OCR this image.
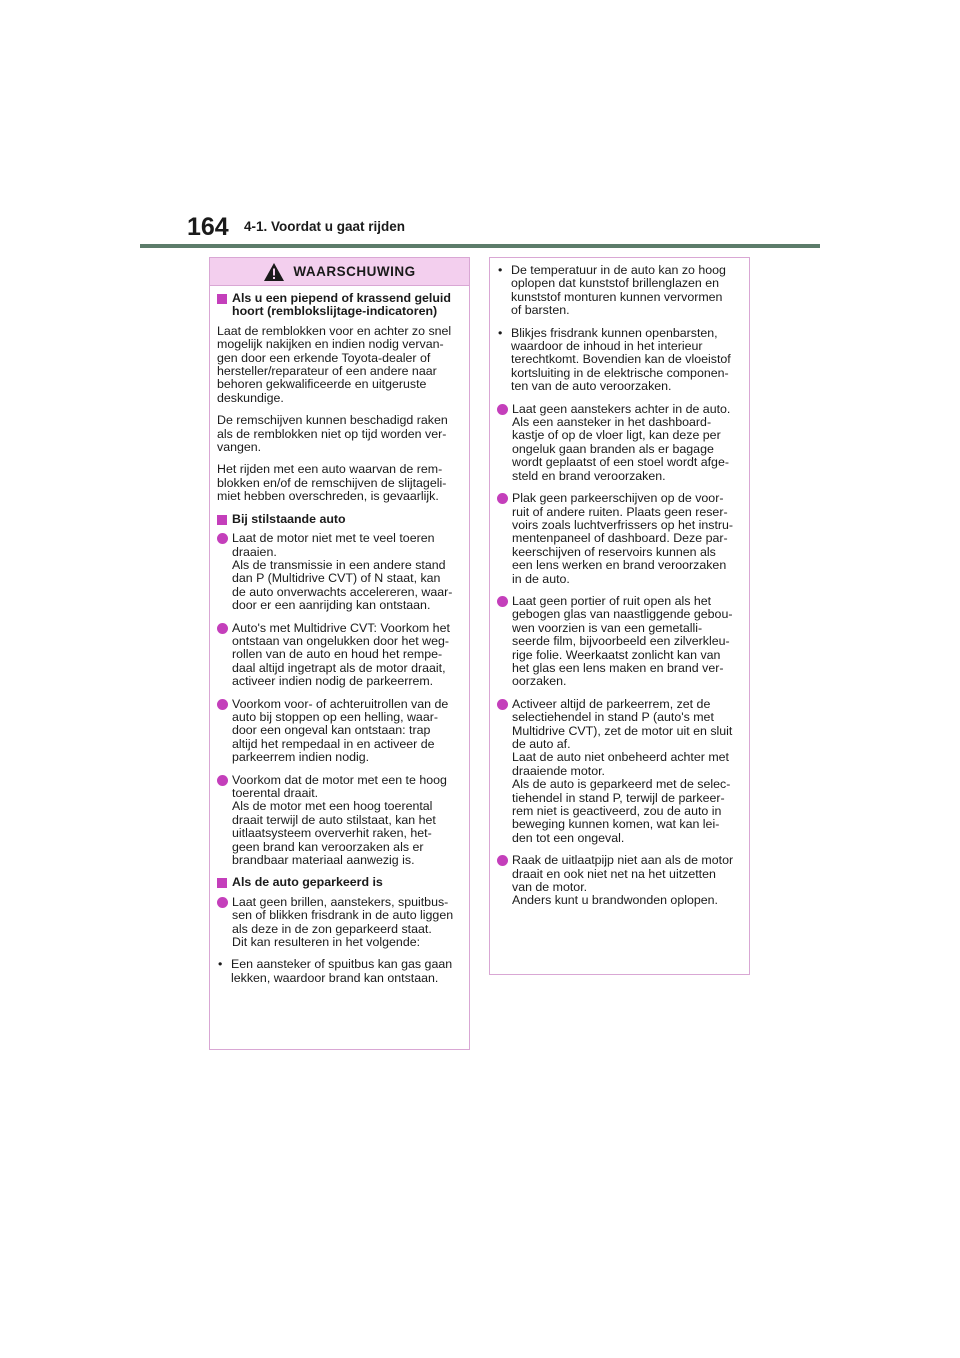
164 4-1. Voordat u gaat rijden
WAARSCHUWING
Als u een piepend of krassend geluid
hoort (remblokslijtage-indicatoren)
Laat de remblokken voor en achter zo snel
mogelijk nakijken en indien nodig vervan-
gen door een erkende Toyota-dealer of
hersteller/reparateur of een andere naar
behoren gekwalificeerde en uitgeruste
deskundige.
De remschijven kunnen beschadigd raken
als de remblokken niet op tijd worden ver-
vangen.
Het rijden met een auto waarvan de rem-
blokken en/of de remschijven de slijtageli-
miet hebben overschreden, is gevaarlijk.
Bij stilstaande auto
Laat de motor niet met te veel toeren
draaien.
Als de transmissie in een andere stand
dan P (Multidrive CVT) of N staat, kan
de auto onverwachts accelereren, waar-
door er een aanrijding kan ontstaan.
Auto's met Multidrive CVT: Voorkom het
ontstaan van ongelukken door het weg-
rollen van de auto en houd het rempe-
daal altijd ingetrapt als de motor draait,
activeer indien nodig de parkeerrem.
Voorkom voor- of achteruitrollen van de
auto bij stoppen op een helling, waar-
door een ongeval kan ontstaan: trap
altijd het rempedaal in en activeer de
parkeerrem indien nodig.
Voorkom dat de motor met een te hoog
toerental draait.
Als de motor met een hoog toerental
draait terwijl de auto stilstaat, kan het
uitlaatsysteem oververhit raken, het-
geen brand kan veroorzaken als er
brandbaar materiaal aanwezig is.
Als de auto geparkeerd is
Laat geen brillen, aanstekers, spuitbus-
sen of blikken frisdrank in de auto liggen
als deze in de zon geparkeerd staat.
Dit kan resulteren in het volgende:
• Een aansteker of spuitbus kan gas gaan
lekken, waardoor brand kan ontstaan.
• De temperatuur in de auto kan zo hoog
oplopen dat kunststof brillenglazen en
kunststof monturen kunnen vervormen
of barsten.
• Blikjes frisdrank kunnen openbarsten,
waardoor de inhoud in het interieur
terechtkomt. Bovendien kan de vloeistof
kortsluiting in de elektrische componen-
ten van de auto veroorzaken.
Laat geen aanstekers achter in de auto.
Als een aansteker in het dashboard-
kastje of op de vloer ligt, kan deze per
ongeluk gaan branden als er bagage
wordt geplaatst of een stoel wordt afge-
steld en brand veroorzaken.
Plak geen parkeerschijven op de voor-
ruit of andere ruiten. Plaats geen reser-
voirs zoals luchtverfrissers op het instru-
mentenpaneel of dashboard. Deze par-
keerschijven of reservoirs kunnen als
een lens werken en brand veroorzaken
in de auto.
Laat geen portier of ruit open als het
gebogen glas van naastliggende gebou-
wen voorzien is van een gemetalli-
seerde film, bijvoorbeeld een zilverkleu-
rige folie. Weerkaatst zonlicht kan van
het glas een lens maken en brand ver-
oorzaken.
Activeer altijd de parkeerrem, zet de
selectiehendel in stand P (auto's met
Multidrive CVT), zet de motor uit en sluit
de auto af.
Laat de auto niet onbeheerd achter met
draaiende motor.
Als de auto is geparkeerd met de selec-
tiehendel in stand P, terwijl de parkeer-
rem niet is geactiveerd, zou de auto in
beweging kunnen komen, wat kan lei-
den tot een ongeval.
Raak de uitlaatpijp niet aan als de motor
draait en ook niet net na het uitzetten
van de motor.
Anders kunt u brandwonden oplopen.
